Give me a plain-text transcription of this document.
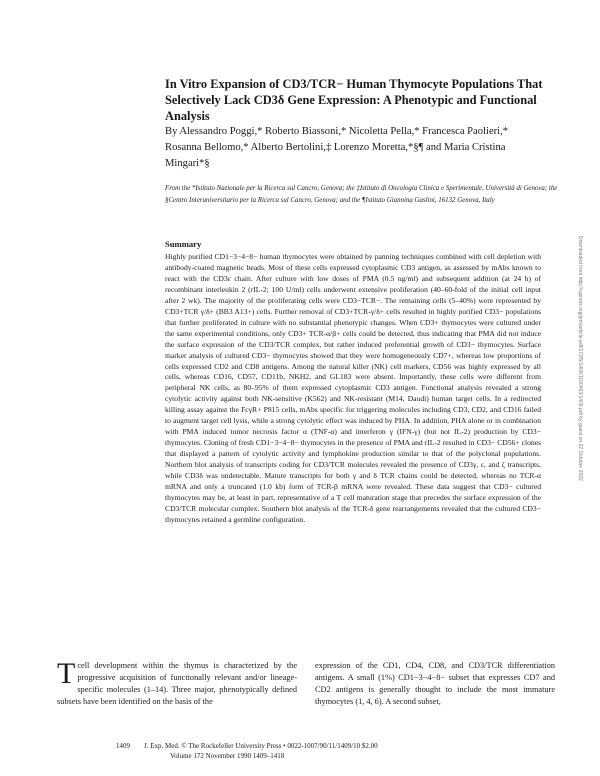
In Vitro Expansion of CD3/TCR− Human Thymocyte Populations That Selectively Lack CD3δ Gene Expression: A Phenotypic and Functional Analysis

By Alessandro Poggi,* Roberto Biassoni,* Nicoletta Pella,* Francesca Paolieri,* Rosanna Bellomo,* Alberto Bertolini,‡ Lorenzo Moretta,*§¶ and Maria Cristina Mingari*§

From the *Istituto Nazionale per la Ricerca sul Cancro, Genova; the ‡Istituto di Oncologia Clinica e Sperimentale, Università di Genova; the §Centro Interuniversitario per la Ricerca sul Cancro, Genova; and the ¶Istituto Giannina Gaslini, 16132 Genova, Italy

Summary

Highly purified CD1−3−4−8− human thymocytes were obtained by panning techniques combined with cell depletion with antibody-coated magnetic beads. Most of these cells expressed cytoplasmic CD3 antigen, as assessed by mAbs known to react with the CD3ε chain. After culture with low doses of PMA (0.5 ng/ml) and subsequent addition (at 24 h) of recombinant interleukin 2 (rIL-2; 100 U/ml) cells underwent extensive proliferation (40–60-fold of the initial cell input after 2 wk). The majority of the proliferating cells were CD3−TCR−. The remaining cells (5–40%) were represented by CD3+TCR γ/δ+ (BB3 A13+) cells. Further removal of CD3+TCR-γ/δ+ cells resulted in highly purified CD3− populations that further proliferated in culture with no substantial phenotypic changes. When CD3+ thymocytes were cultured under the same experimental conditions, only CD3+ TCR-α/β+ cells could be detected, thus indicating that PMA did not induce the surface expression of the CD3/TCR complex, but rather induced preferential growth of CD3− thymocytes. Surface marker analysis of cultured CD3− thymocytes showed that they were homogeneously CD7+, whereas low proportions of cells expressed CD2 and CD8 antigens. Among the natural killer (NK) cell markers, CD56 was highly expressed by all cells, whereas CD16, CD57, CD11b, NKH2, and GL183 were absent. Importantly, these cells were different from peripheral NK cells, as 80–95% of them expressed cytoplasmic CD3 antigen. Functional analysis revealed a strong cytolytic activity against both NK-sensitive (K562) and NK-resistant (M14, Daudi) human target cells. In a redirected killing assay against the FcγR+ P815 cells, mAbs specific for triggering molecules including CD3, CD2, and CD16 failed to augment target cell lysis, while a strong cytolytic effect was induced by PHA. In addition, PHA alone or in combination with PMA induced tumor necrosis factor α (TNF-α) and interferon γ (IFN-γ) (but not IL-2) production by CD3− thymocytes. Cloning of fresh CD1−3−4−8− thymocytes in the presence of PMA and rIL-2 resulted in CD3− CD56+ clones that displayed a pattern of cytolytic activity and lymphokine production similar to that of the polyclonal populations. Northern blot analysis of transcripts coding for CD3/TCR molecules revealed the presence of CD3γ, ε, and ζ transcripts, while CD3δ was undetectable. Mature transcripts for both γ and δ TCR chains could be detected, whereas no TCR-α mRNA and only a truncated (1.0 kb) form of TCR-β mRNA were revealed. These data suggest that CD3− cultured thymocytes may be, at least in part, representative of a T cell maturation stage that precedes the surface expression of the CD3/TCR molecular complex. Southern blot analysis of the TCR-δ gene rearrangements revealed that the cultured CD3− thymocytes retained a germline configuration.

Downloaded from http://rupress.org/jem/article-pdf/172/5/1409/1100463/1409.pdf by guest on 22 October 2022

Tcell development within the thymus is characterized by the progressive acquisition of functionally relevant and/or lineage-specific molecules (1–14). Three major, phenotypically defined subsets have been identified on the basis of the

expression of the CD1, CD4, CD8, and CD3/TCR differentiation antigens. A small (1%) CD1−3−4−8− subset that expresses CD7 and CD2 antigens is generally thought to include the most immature thymocytes (1, 4, 6). A second subset,

1409 J. Exp. Med. © The Rockefeller University Press • 0022-1007/90/11/1409/10 $2.00
Volume 172 November 1990 1409–1418
